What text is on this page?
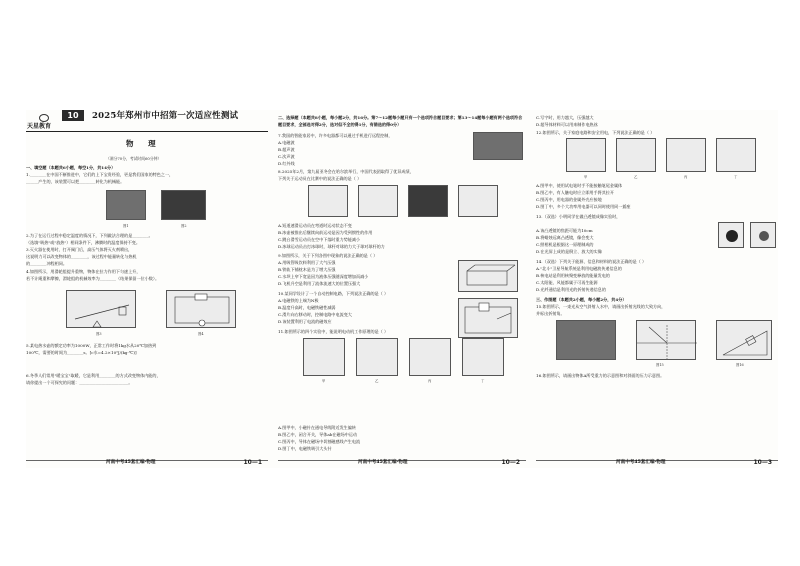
天星教育
10	2025年郑州市中招第一次适应性测试
物 理
（满分70分，考试时间60分钟）
一、填空题（本题共6小题，每空1分，共14分）
1.________在中国不断推进中，它们的上下宝贵经验，更是我们国家的特色之一，
______产生的，该装置可以把________转化为机械能。
图1	图2
2.为了在运行过程中稳定温度的情况下，下列做法合理的是________。
（选填"吸热"或"放热"）相同条件下，沸腾时的温度保持不变。
3.灭火器在使用时，打开阀门后，高压气体将灭火剂喷出，
这说明力可以改变物体的________，该过程中能量转化与热机
的________冲程相同。
4.如图所示，用滑轮组提升重物，物体在拉力作用下匀速上升，
若不计绳重和摩擦，滑轮组的机械效率为________（结果保留一位小数）。
图3	图4
5.某电热水壶的额定功率为1000W，正常工作时将1kg水从20℃加热到
100℃，需要的时间为________s。[c水=4.2×10³J/(kg·℃)]
6.冬季人们常用"暖宝宝"取暖，它是利用________的方式改变物体内能的，
请你提出一个可探究的问题：________________________。
河南中考45套汇编·物理	10—1
二、选择题（本题共8小题，每小题2分，共16分。第7～12题每小题只有一个选项符合题目要求；第13～14题每小题有两个选项符合题目要求，全部选对得2分，选对但不全的得1分，有错选的得0分）
7.我国的智能家居中，许多电器都可以通过手机进行远程控制，
A.电磁波
B.超声波
C.次声波
D.红外线
8.2025年2月，第九届亚冬会在哈尔滨举行，中国代表团取得了优异成绩，
下列关于运动员在比赛中的说法正确的是（ ）
A.短道速滑运动员在弯道时运动状态不变
B.冰壶被推出后继续向前运动是因为受到惯性的作用
C.跳台滑雪运动员在空中下落时重力势能减小
D.冰球运动员击打冰球时，球杆对球的力大于球对球杆的力
9.如图所示，关于下列各图中现象的说法正确的是（ ）
A.用吸管吸饮料利用了大气压强
B.铁轨下铺枕木是为了增大压强
C.水坝上窄下宽是因为液体压强随深度增加而减小
D.飞机升空是利用了流体流速大的位置压强大
10.某同学设计了一个自动控制电路，下列说法正确的是（ ）
A.电磁铁的上端为N极
B.温度升高时，电磁铁磁性减弱
C.滑片向右移动时，控制电路中电流变大
D.该装置利用了电流的磁效应
11.如图所示的四个实验中，能说明电动机工作原理的是（ ）
甲	乙	丙	丁
A.图甲中，小磁针在通电导线附近发生偏转
B.图乙中，闭合开关，导体ab在磁场中运动
C.图丙中，导体在磁场中切割磁感线产生电流
D.图丁中，电磁铁吸引大头针
河南中考45套汇编·物理	10—2
C.写字时，用力越大，压强越大
D.超导体材料可以用来制作电热丝
12.如图所示，关于家庭电路和安全用电，下列说法正确的是（ ）
甲	乙	丙	丁
A.图甲中，使用试电笔时手不能接触笔尾金属体
B.图乙中，有人触电时应立即用手将其拉开
C.图丙中，用电器的金属外壳应接地
D.图丁中，多个大功率用电器可以同时使用同一插座
13.（双选）小明同学在做凸透镜成像实验时，
A.该凸透镜的焦距可能为10cm
B.将蜡烛远离凸透镜，像会变大
C.照相机是根据这一原理制成的
D.在光屏上成的是倒立、放大的实像
14.（双选）下列关于能源、信息和材料的说法正确的是（ ）
A."北斗"卫星导航系统是利用电磁波传递信息的
B.核电站是利用核聚变释放的能量发电的
C.太阳能、风能都属于可再生能源
D.光纤通信是利用光的折射传递信息的
三、作图题（本题共2小题，每小题2分，共4分）
15.如图所示，一束光从空气斜射入水中，请画出折射光线的大致方向，
并标出折射角。
图15	图16
16.如图所示，请画出物体A所受重力的示意图和对斜面的压力示意图。
河南中考45套汇编·物理	10—3
